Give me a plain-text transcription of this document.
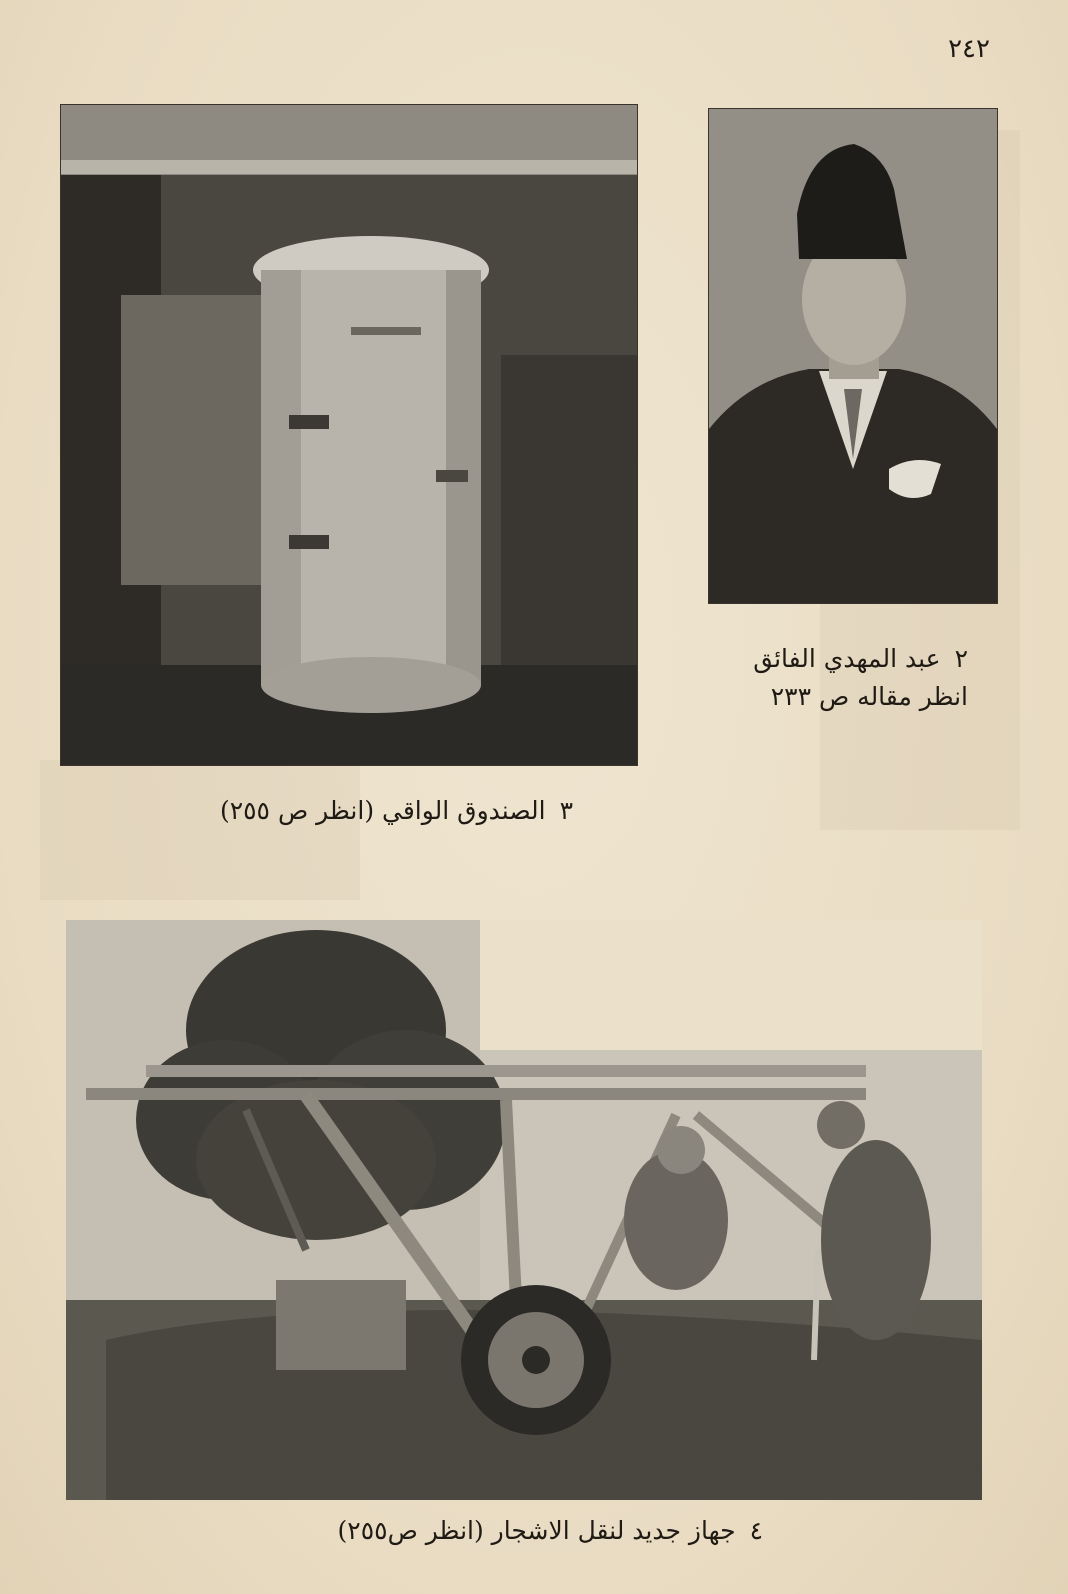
٢٤٢
٢عبد المهدي الفائق
انظر مقاله ص ٢٣٣
٣الصندوق الواقي (انظر ص ٢٥٥)
٤جهاز جديد لنقل الاشجار (انظر ص٢٥٥)
